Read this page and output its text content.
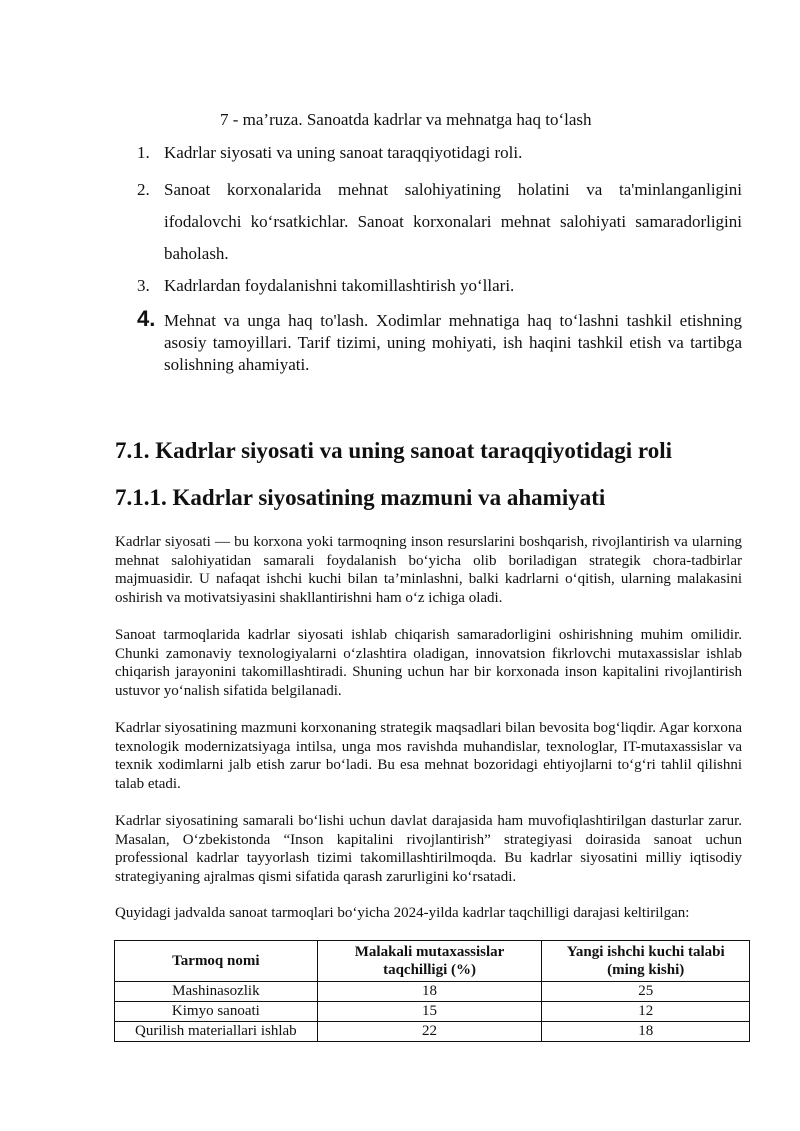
7 - ma’ruza. Sanoatda kadrlar va mehnatga haq to‘lash
1. Kadrlar siyosati va uning sanoat taraqqiyotidagi roli.
2. Sanoat korxonalarida mehnat salohiyatining holatini va ta'minlanganligini ifodalovchi ko‘rsatkichlar. Sanoat korxonalari mehnat salohiyati samaradorligini baholash.
3. Kadrlardan foydalanishni takomillashtirish yo‘llari.
4. Mehnat va unga haq to'lash. Xodimlar mehnatiga haq to‘lashni tashkil etishning asosiy tamoyillari. Tarif tizimi, uning mohiyati, ish haqini tashkil etish va tartibga solishning ahamiyati.
7.1. Kadrlar siyosati va uning sanoat taraqqiyotidagi roli
7.1.1. Kadrlar siyosatining mazmuni va ahamiyati

Kadrlar siyosati — bu korxona yoki tarmoqning inson resurslarini boshqarish, rivojlantirish va ularning mehnat salohiyatidan samarali foydalanish bo‘yicha olib boriladigan strategik chora-tadbirlar majmuasidir. U nafaqat ishchi kuchi bilan ta’minlashni, balki kadrlarni o‘qitish, ularning malakasini oshirish va motivatsiyasini shakllantirishni ham o‘z ichiga oladi.

Sanoat tarmoqlarida kadrlar siyosati ishlab chiqarish samaradorligini oshirishning muhim omilidir. Chunki zamonaviy texnologiyalarni o‘zlashtira oladigan, innovatsion fikrlovchi mutaxassislar ishlab chiqarish jarayonini takomillashtiradi. Shuning uchun har bir korxonada inson kapitalini rivojlantirish ustuvor yo‘nalish sifatida belgilanadi.

Kadrlar siyosatining mazmuni korxonaning strategik maqsadlari bilan bevosita bog‘liqdir. Agar korxona texnologik modernizatsiyaga intilsa, unga mos ravishda muhandislar, texnologlar, IT-mutaxassislar va texnik xodimlarni jalb etish zarur bo‘ladi. Bu esa mehnat bozoridagi ehtiyojlarni to‘g‘ri tahlil qilishni talab etadi.

Kadrlar siyosatining samarali bo‘lishi uchun davlat darajasida ham muvofiqlashtirilgan dasturlar zarur. Masalan, O‘zbekistonda “Inson kapitalini rivojlantirish” strategiyasi doirasida sanoat uchun professional kadrlar tayyorlash tizimi takomillashtirilmoqda. Bu kadrlar siyosatini milliy iqtisodiy strategiyaning ajralmas qismi sifatida qarash zarurligini ko‘rsatadi.

Quyidagi jadvalda sanoat tarmoqlari bo‘yicha 2024-yilda kadrlar taqchilligi darajasi keltirilgan:

Tarmoq nomi	Malakali mutaxassislar taqchilligi (%)	Yangi ishchi kuchi talabi (ming kishi)
Mashinasozlik	18	25
Kimyo sanoati	15	12
Qurilish materiallari ishlab	22	18
